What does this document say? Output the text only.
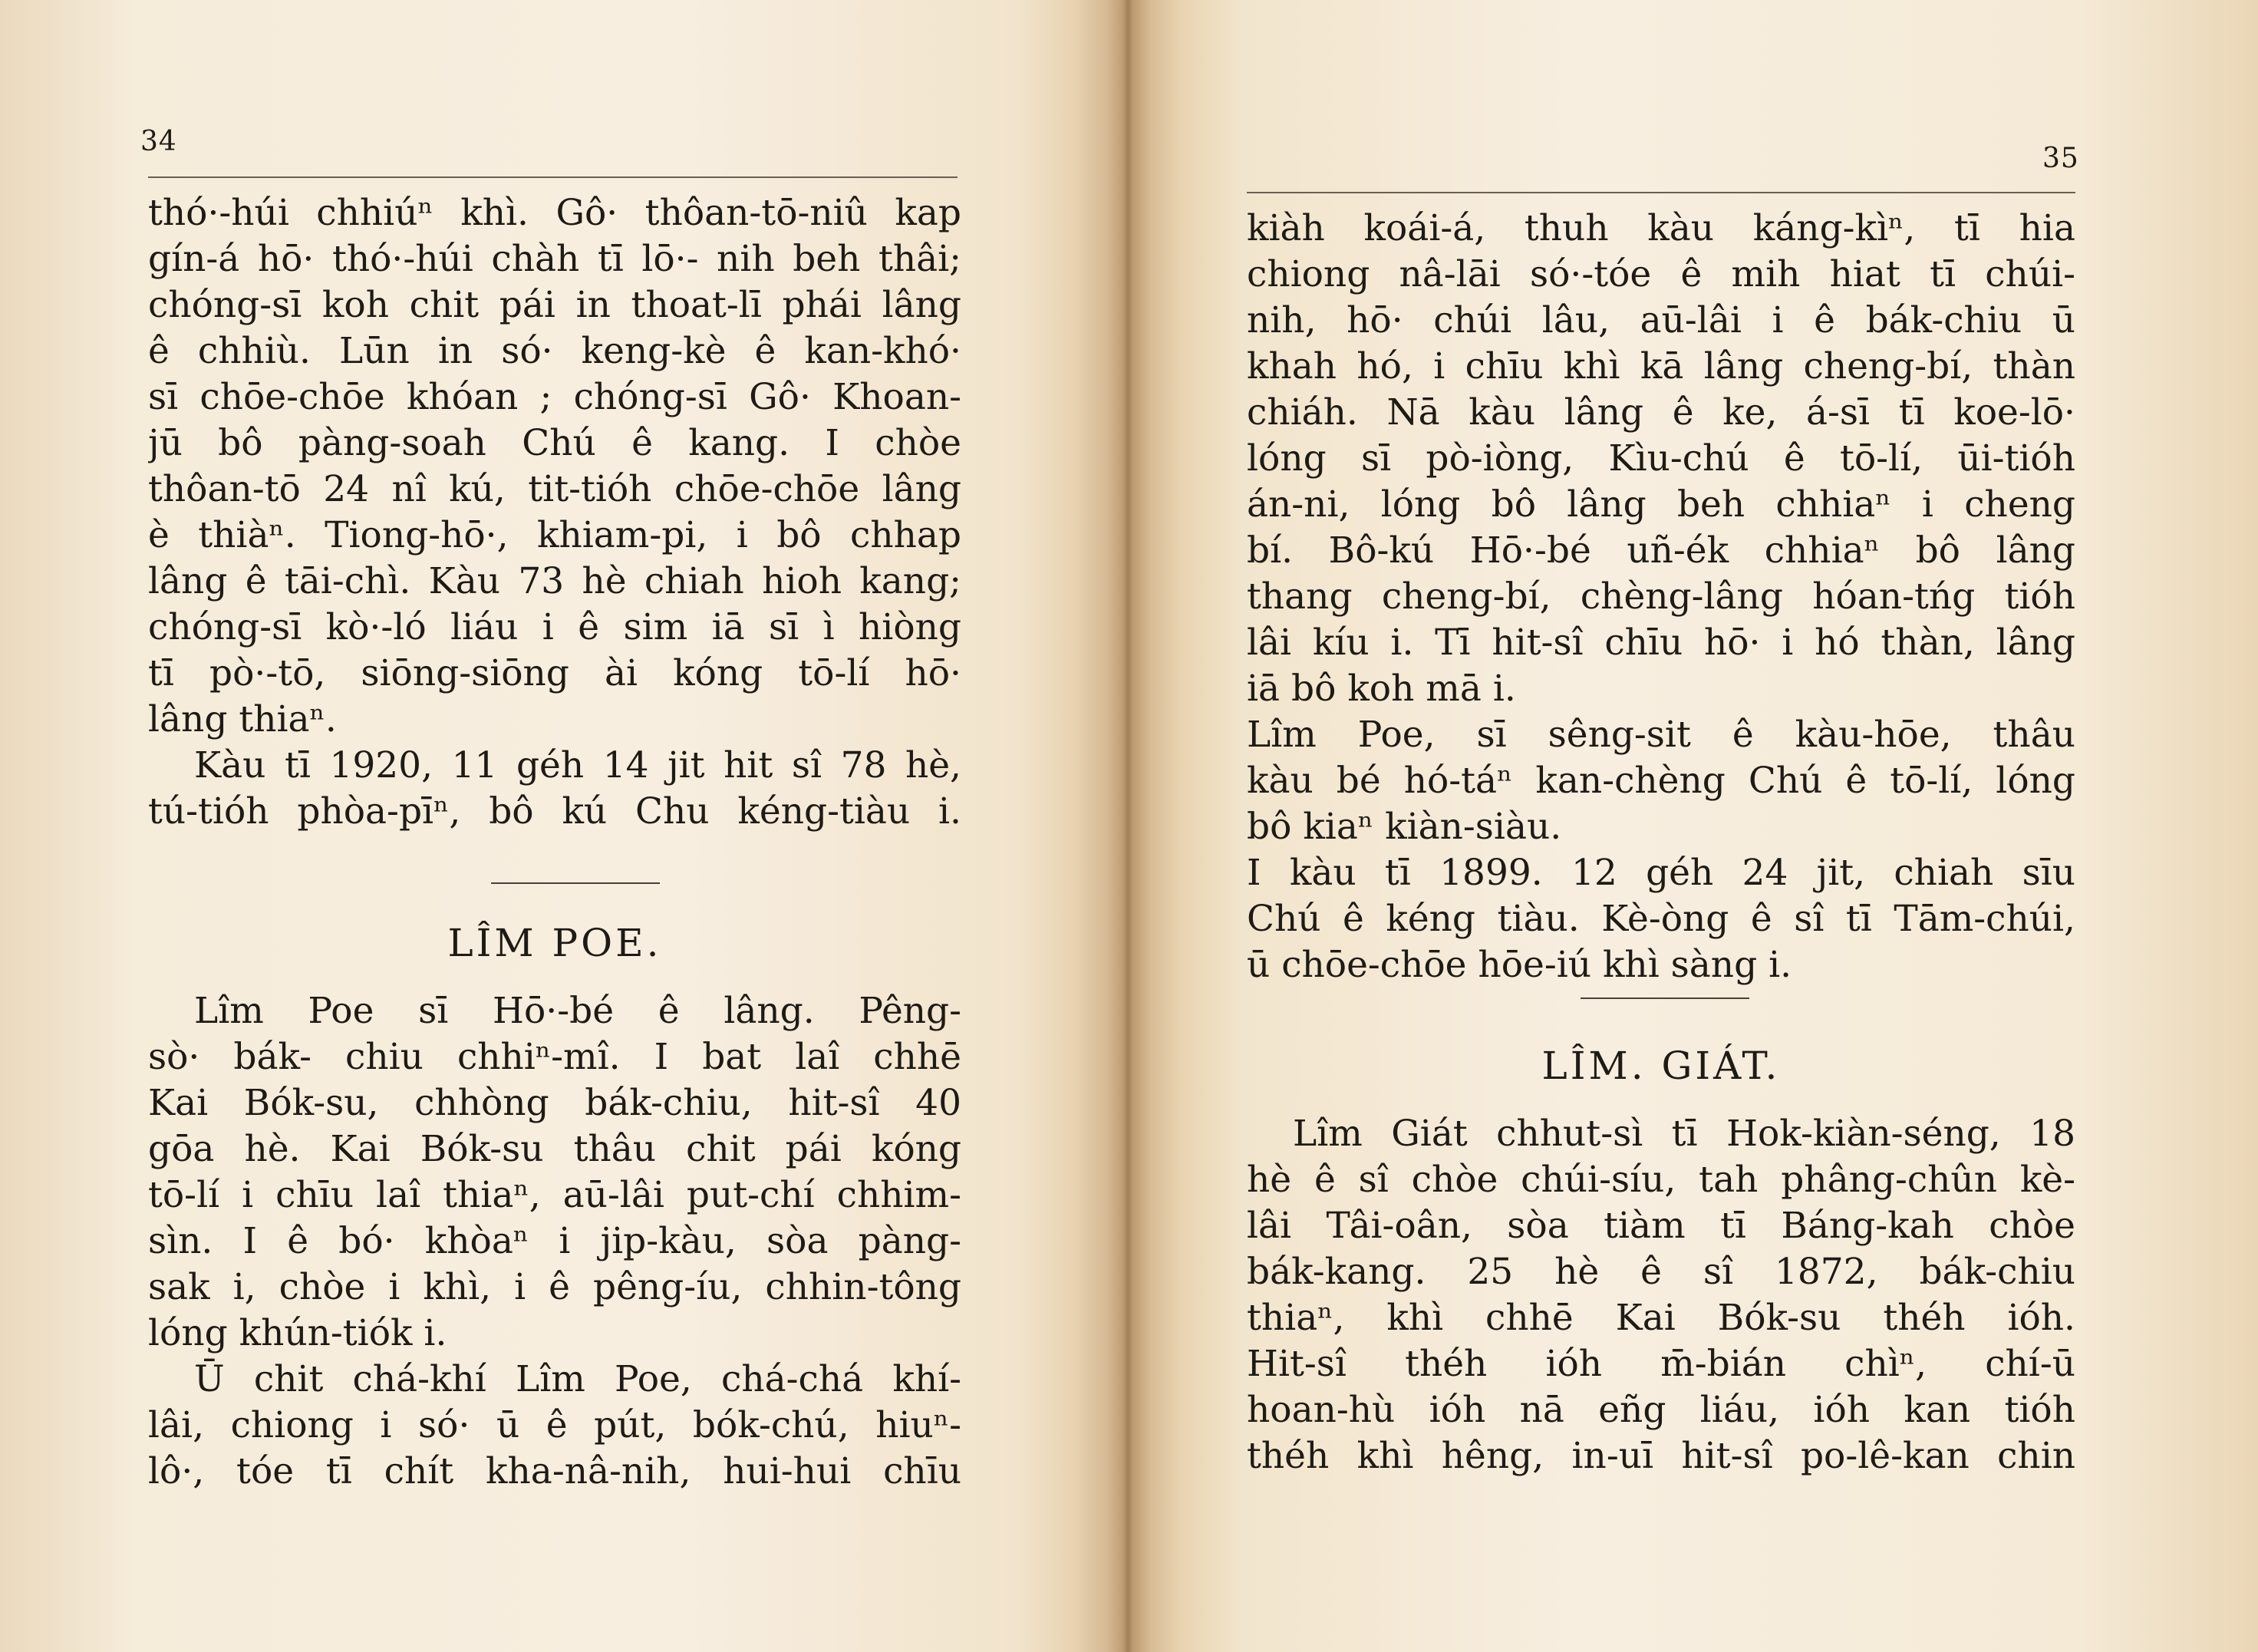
34
thó·-húi chhiúⁿ khì. Gô· thôan-tō-niû kap
gín-á hō· thó·-húi chàh tī lō·- nih beh thâi;
chóng-sī koh chit pái in thoat-lī phái lâng
ê chhiù. Lūn in só· keng-kè ê kan-khó·
sī chōe-chōe khóan ; chóng-sī Gô· Khoan-
jū bô pàng-soah Chú ê kang. I chòe
thôan-tō 24 nî kú, tit-tióh chōe-chōe lâng
è thiàⁿ. Tiong-hō·, khiam-pi, i bô chhap
lâng ê tāi-chì. Kàu 73 hè chiah hioh kang;
chóng-sī kò·-ló liáu i ê sim iā sī ì hiòng
tī pò·-tō, siōng-siōng ài kóng tō-lí hō·
lâng thiaⁿ.
Kàu tī 1920, 11 géh 14 jit hit sî 78 hè,
tú-tióh phòa-pīⁿ, bô kú Chu kéng-tiàu i.
LÎM POE.
Lîm Poe sī Hō·-bé ê lâng. Pêng-
sò· bák- chiu chhiⁿ-mî. I bat laî chhē
Kai Bók-su, chhòng bák-chiu, hit-sî 40
gōa hè. Kai Bók-su thâu chit pái kóng
tō-lí i chīu laî thiaⁿ, aū-lâi put-chí chhim-
sìn. I ê bó· khòaⁿ i jip-kàu, sòa pàng-
sak i, chòe i khì, i ê pêng-íu, chhin-tông
lóng khún-tiók i.
Ū chit chá-khí Lîm Poe, chá-chá khí-
lâi, chiong i só· ū ê pút, bók-chú, hiuⁿ-
lô·, tóe tī chít kha-nâ-nih, hui-hui chīu
35
kiàh koái-á, thuh kàu káng-kìⁿ, tī hia
chiong nâ-lāi só·-tóe ê mih hiat tī chúi-
nih, hō· chúi lâu, aū-lâi i ê bák-chiu ū
khah hó, i chīu khì kā lâng cheng-bí, thàn
chiáh. Nā kàu lâng ê ke, á-sī tī koe-lō·
lóng sī pò-iòng, Kìu-chú ê tō-lí, ūi-tióh
án-ni, lóng bô lâng beh chhiaⁿ i cheng
bí. Bô-kú Hō·-bé uñ-ék chhiaⁿ bô lâng
thang cheng-bí, chèng-lâng hóan-tńg tióh
lâi kíu i. Tī hit-sî chīu hō· i hó thàn, lâng
iā bô koh mā i.
Lîm Poe, sī sêng-sit ê kàu-hōe, thâu
kàu bé hó-táⁿ kan-chèng Chú ê tō-lí, lóng
bô kiaⁿ kiàn-siàu.
I kàu tī 1899. 12 géh 24 jit, chiah sīu
Chú ê kéng tiàu. Kè-òng ê sî tī Tām-chúi,
ū chōe-chōe hōe-iú khì sàng i.
LÎM. GIÁT.
Lîm Giát chhut-sì tī Hok-kiàn-séng, 18
hè ê sî chòe chúi-síu, tah phâng-chûn kè-
lâi Tâi-oân, sòa tiàm tī Báng-kah chòe
bák-kang. 25 hè ê sî 1872, bák-chiu
thiaⁿ, khì chhē Kai Bók-su théh ióh.
Hit-sî théh ióh m̄-bián chìⁿ, chí-ū
hoan-hù ióh nā eñg liáu, ióh kan tióh
théh khì hêng, in-uī hit-sî po-lê-kan chin
